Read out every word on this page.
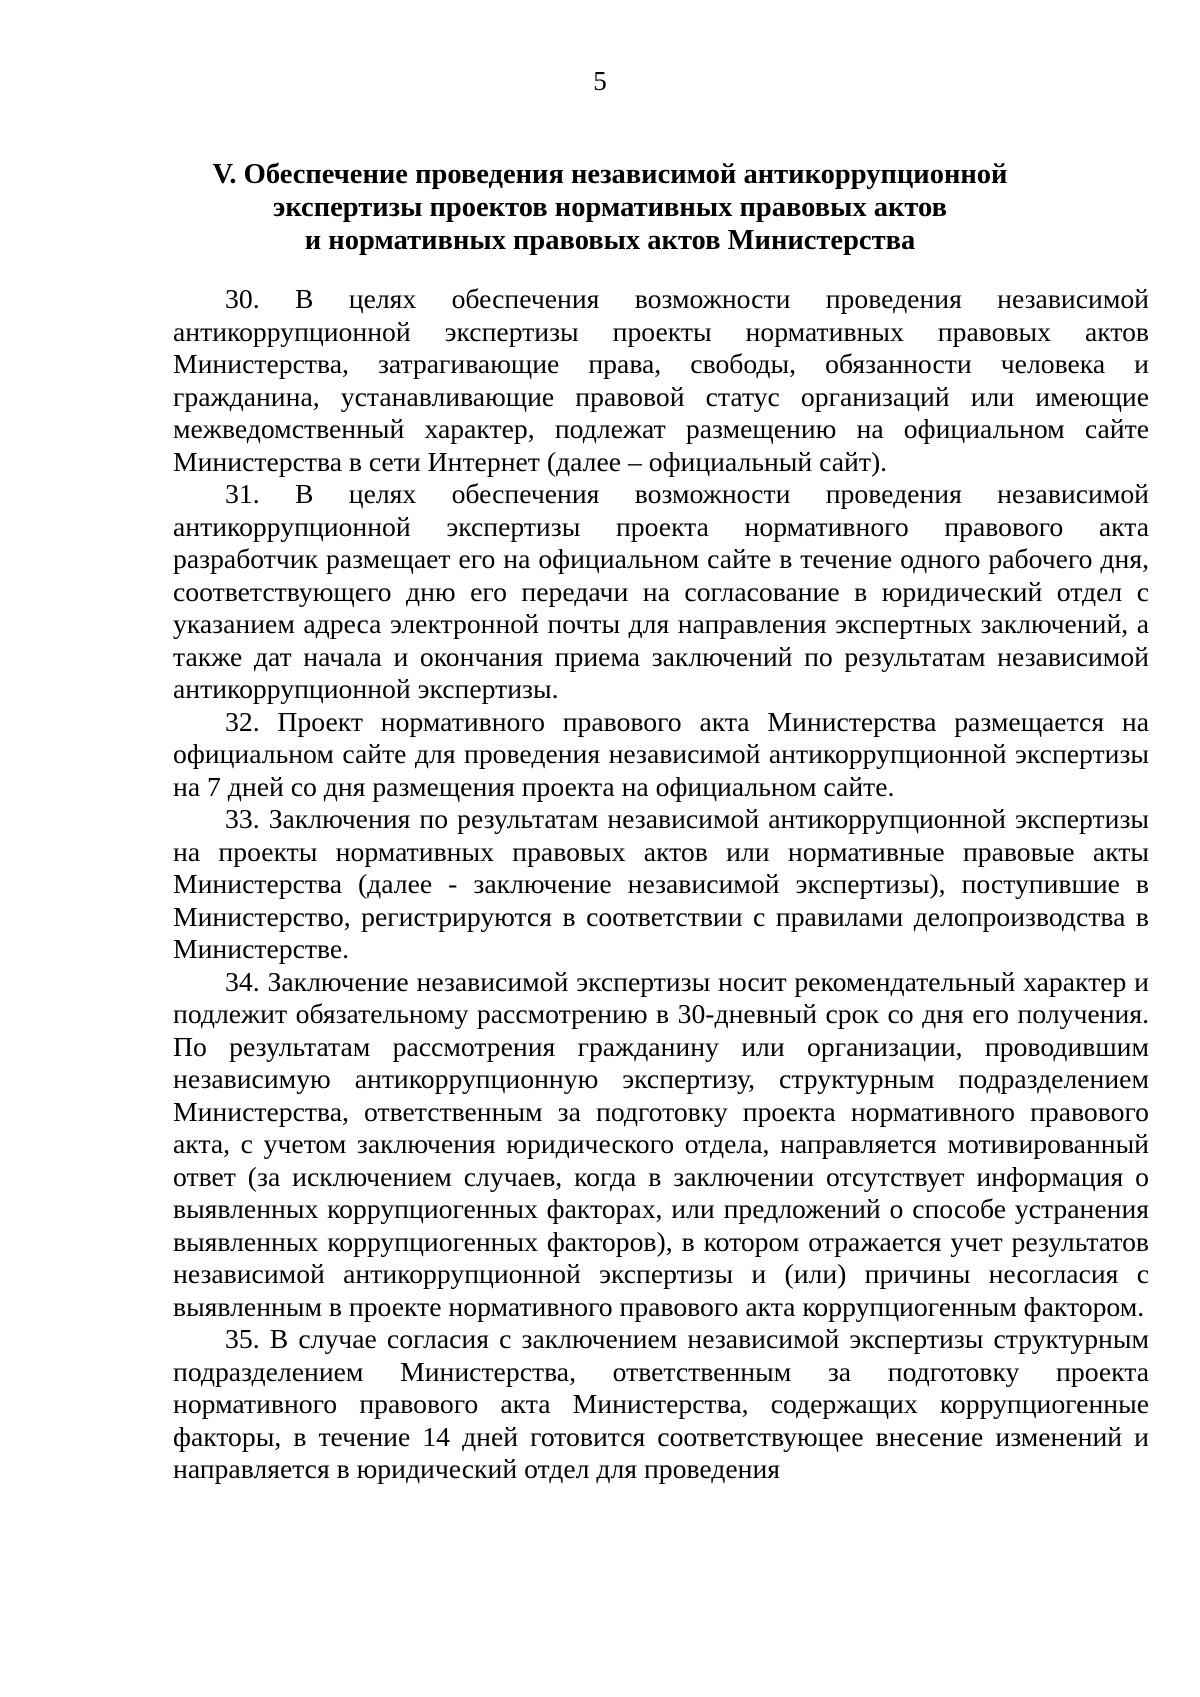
5
V. Обеспечение проведения независимой антикоррупционной
экспертизы проектов нормативных правовых актов
и нормативных правовых актов Министерства

30. В целях обеспечения возможности проведения независимой антикоррупционной экспертизы проекты нормативных правовых актов Министерства, затрагивающие права, свободы, обязанности человека и гражданина, устанавливающие правовой статус организаций или имеющие межведомственный характер, подлежат размещению на официальном сайте Министерства в сети Интернет (далее – официальный сайт).

31. В целях обеспечения возможности проведения независимой антикоррупционной экспертизы проекта нормативного правового акта разработчик размещает его на официальном сайте в течение одного рабочего дня, соответствующего дню его передачи на согласование в юридический отдел с указанием адреса электронной почты для направления экспертных заключений, а также дат начала и окончания приема заключений по результатам независимой антикоррупционной экспертизы.

32. Проект нормативного правового акта Министерства размещается на официальном сайте для проведения независимой антикоррупционной экспертизы на 7 дней со дня размещения проекта на официальном сайте.

33. Заключения по результатам независимой антикоррупционной экспертизы на проекты нормативных правовых актов или нормативные правовые акты Министерства (далее - заключение независимой экспертизы), поступившие в Министерство, регистрируются в соответствии с правилами делопроизводства в Министерстве.

34. Заключение независимой экспертизы носит рекомендательный характер и подлежит обязательному рассмотрению в 30-дневный срок со дня его получения. По результатам рассмотрения гражданину или организации, проводившим независимую антикоррупционную экспертизу, структурным подразделением Министерства, ответственным за подготовку проекта нормативного правового акта, с учетом заключения юридического отдела, направляется мотивированный ответ (за исключением случаев, когда в заключении отсутствует информация о выявленных коррупциогенных факторах, или предложений о способе устранения выявленных коррупциогенных факторов), в котором отражается учет результатов независимой антикоррупционной экспертизы и (или) причины несогласия с выявленным в проекте нормативного правового акта коррупциогенным фактором.

35. В случае согласия с заключением независимой экспертизы структурным подразделением Министерства, ответственным за подготовку проекта нормативного правового акта Министерства, содержащих коррупциогенные факторы, в течение 14 дней готовится соответствующее внесение изменений и направляется в юридический отдел для проведения
